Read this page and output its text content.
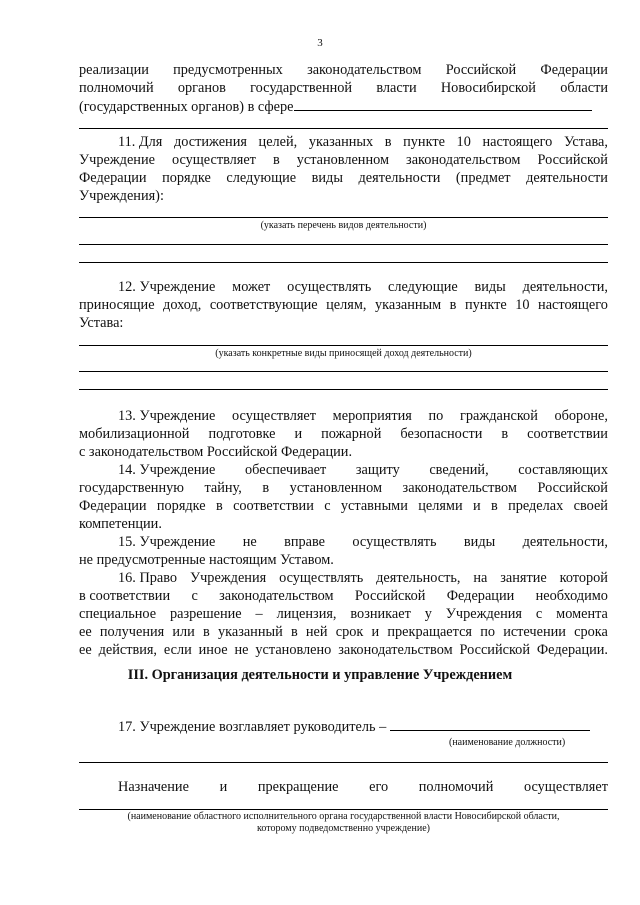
3
реализации предусмотренных законодательством Российской Федерации
полномочий органов государственной власти Новосибирской области
(государственных органов) в сфере
11. Для достижения целей, указанных в пункте 10 настоящего Устава,
Учреждение осуществляет в установленном законодательством Российской
Федерации порядке следующие виды деятельности (предмет деятельности
Учреждения):
(указать перечень видов деятельности)
12. Учреждение может осуществлять следующие виды деятельности,
приносящие доход, соответствующие целям, указанным в пункте 10 настоящего
Устава:
(указать конкретные виды приносящей доход деятельности)
13. Учреждение осуществляет мероприятия по гражданской обороне,
мобилизационной подготовке и пожарной безопасности в соответствии
с законодательством Российской Федерации.
14. Учреждение обеспечивает защиту сведений, составляющих
государственную тайну, в установленном законодательством Российской
Федерации порядке в соответствии с уставными целями и в пределах своей
компетенции.
15. Учреждение не вправе осуществлять виды деятельности,
не предусмотренные настоящим Уставом.
16. Право Учреждения осуществлять деятельность, на занятие которой
в соответствии с законодательством Российской Федерации необходимо
специальное разрешение – лицензия, возникает у Учреждения с момента
ее получения или в указанный в ней срок и прекращается по истечении срока
ее действия, если иное не установлено законодательством Российской Федерации.
III. Организация деятельности и управление Учреждением
17. Учреждение возглавляет руководитель –
(наименование должности)
Назначение и прекращение его полномочий осуществляет
(наименование областного исполнительного органа государственной власти Новосибирской области,
которому подведомственно учреждение)
